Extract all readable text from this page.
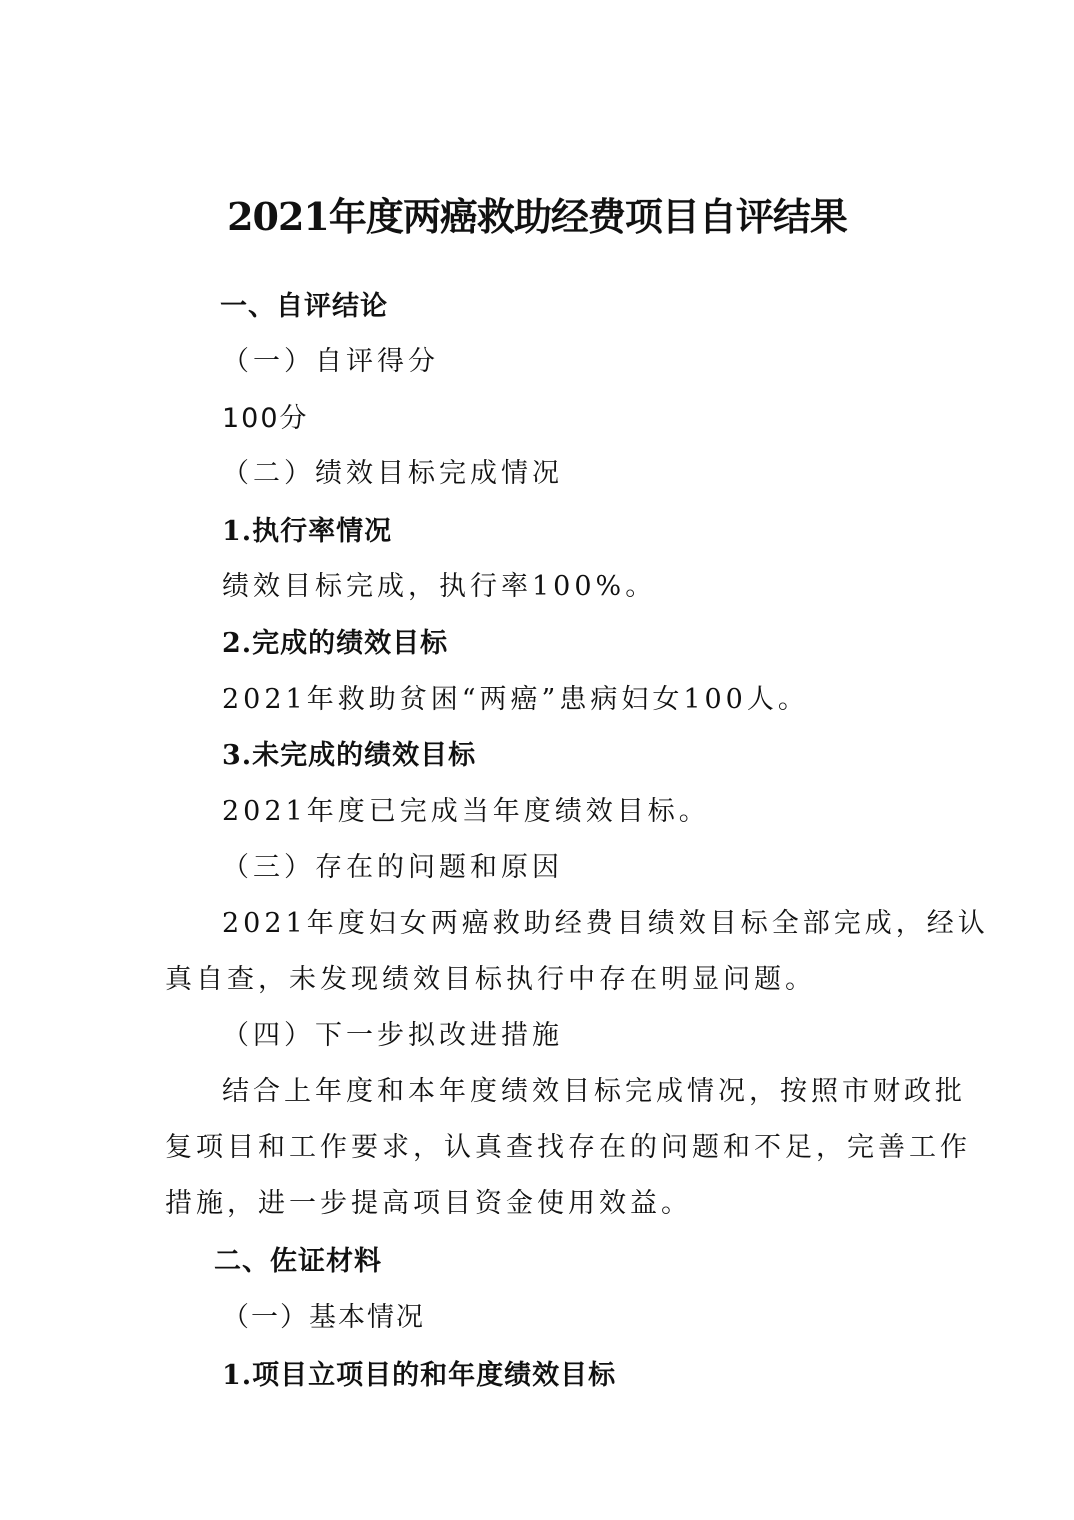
2021年度两癌救助经费项目自评结果
一、自评结论
（一）自评得分
100分
（二）绩效目标完成情况
1.执行率情况
绩效目标完成，执行率100%。
2.完成的绩效目标
2021年救助贫困“两癌”患病妇女100人。
3.未完成的绩效目标
2021年度已完成当年度绩效目标。
（三）存在的问题和原因
2021年度妇女两癌救助经费目绩效目标全部完成，经认
真自查，未发现绩效目标执行中存在明显问题。
（四）下一步拟改进措施
结合上年度和本年度绩效目标完成情况，按照市财政批
复项目和工作要求，认真查找存在的问题和不足，完善工作
措施，进一步提高项目资金使用效益。
二、佐证材料
（一）基本情况
1.项目立项目的和年度绩效目标
